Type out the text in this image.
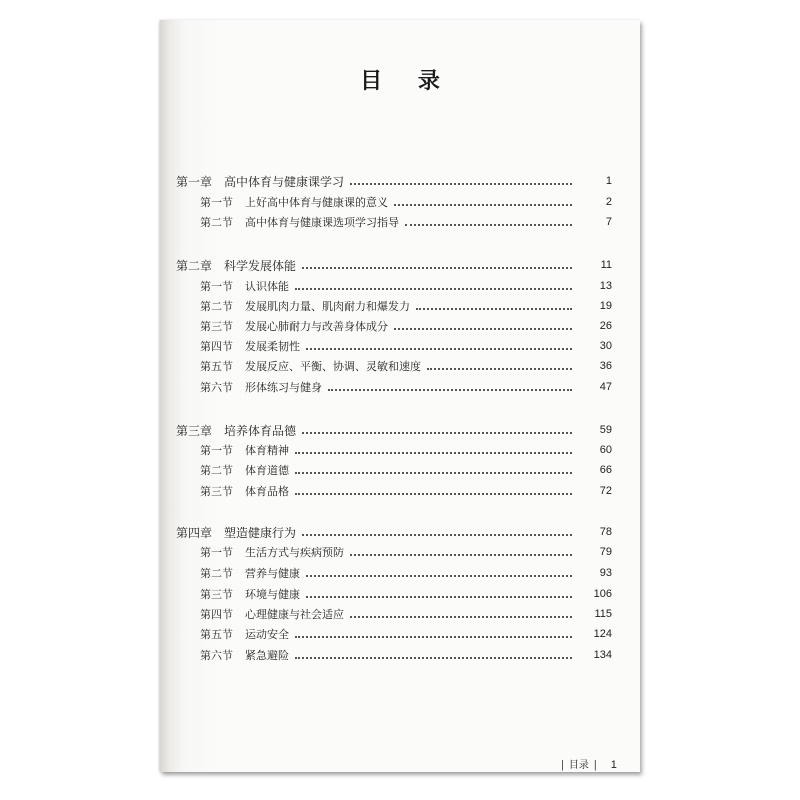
目 录
第一章 高中体育与健康课学习	1
第一节 上好高中体育与健康课的意义	2
第二节 高中体育与健康课选项学习指导	7
第二章 科学发展体能	11
第一节 认识体能	13
第二节 发展肌肉力量、肌肉耐力和爆发力	19
第三节 发展心肺耐力与改善身体成分	26
第四节 发展柔韧性	30
第五节 发展反应、平衡、协调、灵敏和速度	36
第六节 形体练习与健身	47
第三章 培养体育品德	59
第一节 体育精神	60
第二节 体育道德	66
第三节 体育品格	72
第四章 塑造健康行为	78
第一节 生活方式与疾病预防	79
第二节 营养与健康	93
第三节 环境与健康	106
第四节 心理健康与社会适应	115
第五节 运动安全	124
第六节 紧急避险	134
| 目录 | 1
